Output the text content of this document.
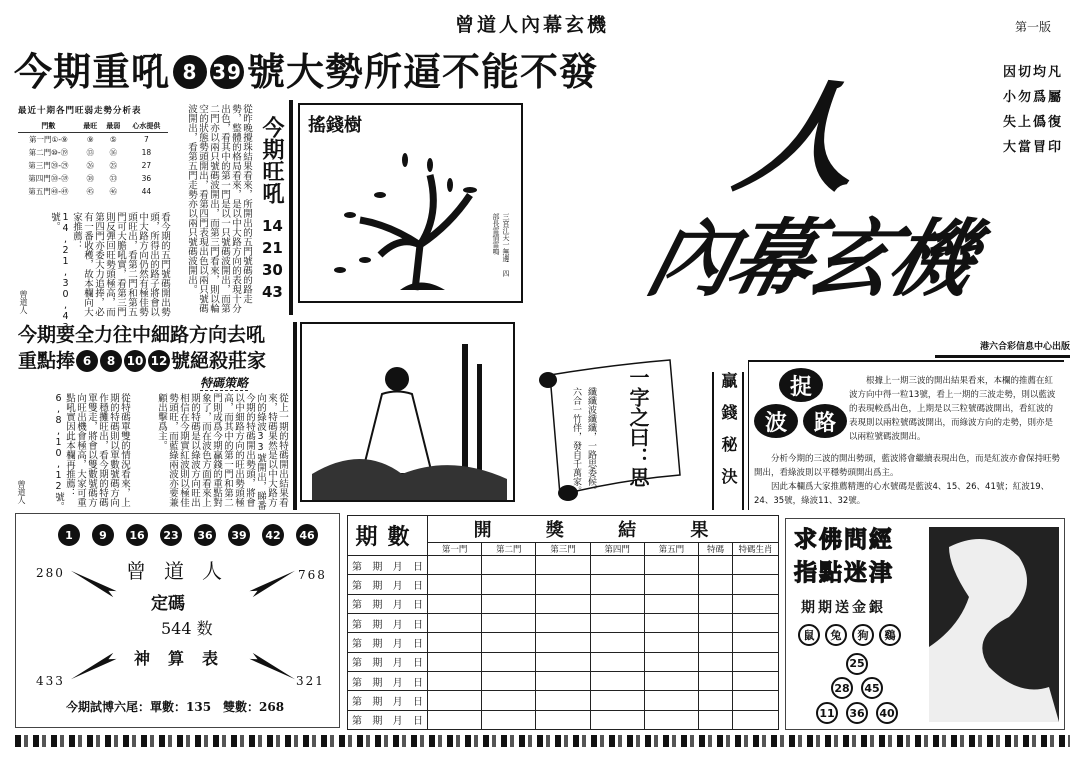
曾道人內幕玄機	第一版
今期重吼 8 39 號大勢所逼不能不發	因切均凡
小勿爲屬
失上僞復
大當冒印
人
內幕玄機
港六合彩信息中心出版
最近十期各門旺弱走勢分析表
門數	最旺	最弱	心水提供
第一門①-⑨	⑨	⑤	7
第二門⑩-⑲	⑬	⑯	18
第三門⑳-㉙	㉖	㉕	27
第四門㉚-㊴	㊳	㉝	36
第五門㊵-㊾	㊺	㊻	44	從昨晚攪珠結果看來，所開出的五門號碼的路走勢，整體的格局看來，是以中大路方向的表現十分出色，看其中的第一門是以一只號碼波開出，而第二門亦以兩只號碼波開出，而第三門看來，則以輪空的狀態勢頭開出，看第四門表現出色以兩只號碼波開出，看第五門走勢亦以兩只號碼波開出。
看今期的五門號碼開出勢頭，所得出的路子將會以中大路方向仍然有極佳勢頭旺出，看第二門和第五門可大膽吼實，看第三門則反彈回旺勢頭極高，而第四門亦委大力追捧，必有一番收穫，故本欄向大家推薦：14,21,30,43號。
今期旺吼
14
21
30
43
曾道人
搖錢樹
三宮江天一無邊 四部長雷情雷鳴
今期要全力往中細路方向去吼
重點捧 6 8 10 12 號絕殺莊家
特碼策略
從上一期的特碼開出結果看來，特碼果然是以中大路方向的綠波33號開出，睇番今期的特碼開出勢頭，將會以中細路方向的旺出勢頭極高，而其中的第一門和第二門則成爲今期贏錢的重點對象了，而在波色方面看來上期的特碼是以綠波方向旺出相信在今期實紅波則以極佳勢頭旺，而藍綠兩波亦要兼顧出擊爲主。
從特碼單雙的情況看來，上期的特碼則以單數號碼方向作穩攤旺出，看今期的特碼單雙走，將會以雙數號碼方向旺出機會極高，大家可重點吼實因此本欄再推薦：6,8,10,12號。
曾道人
一字之曰：思
纖纖波纖纖，一路思委候。 六合一竹伴，發自千萬家。	贏錢秘決	捉
波	路
根據上一期三波的開出結果看來，本欄的推薦在紅波方向中得一粒13號，看上一期的三波走勢，則以藍波的表現較爲出色，上期是以三粒號碼波開出，看紅波的表現則以兩粒號碼波開出，而綠波方向的走勢，則亦是以兩粒號碼波開出。
分析今期的三波的開出勢頭，藍波將會繼續表現出色，而是紅波亦會保持旺勢開出，看綠波則以平穩勢頭開出爲主。
因此本欄爲大家推薦精選的心水號碼是藍波4、15、26、41號；紅波19、24、35號，綠波11、32號。
1	9	16	23	36	39	42	46
曾道人
定碼
544 数
神算表
280	768
433	321
今期試博六尾：單數：135　雙數：268
期數	開 獎 結 果						
	第一門	第二門	第三門	第四門	第五門	特碼	特碼生肖

第 期 月 日							

第 期 月 日							

第 期 月 日							

第 期 月 日							

第 期 月 日							

第 期 月 日							

第 期 月 日							

第 期 月 日							

第 期 月 日							

求佛問經
指點迷津
期期送金銀
鼠	兔	狗	鷄
25
28	45
11	36	40
